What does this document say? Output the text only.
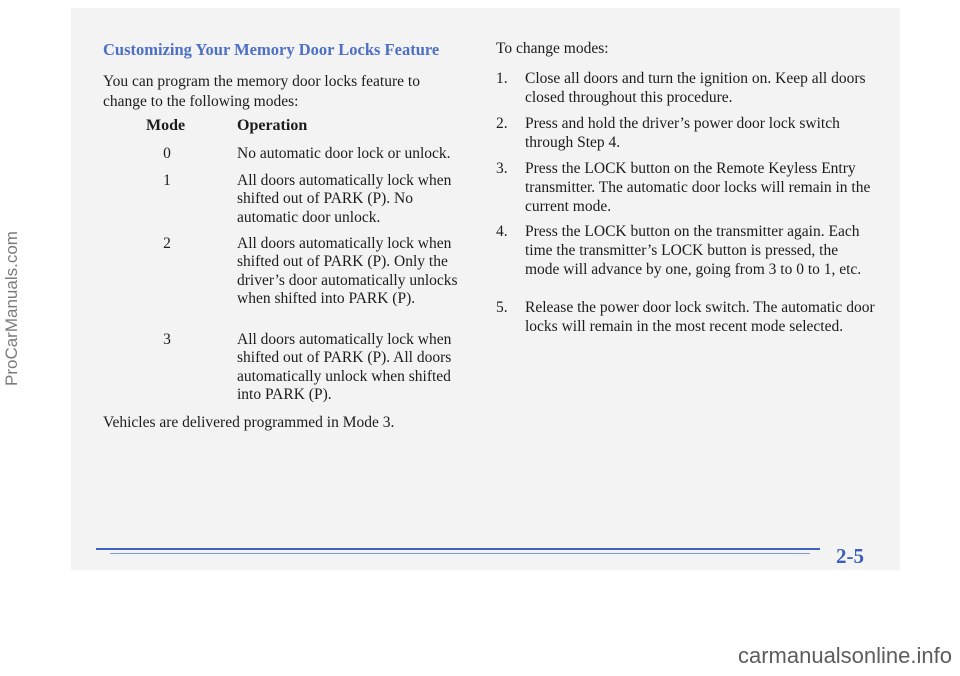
ProCarManuals.com
Customizing Your Memory Door Locks Feature
You can program the memory door locks feature to change to the following modes:
Mode	Operation
0	No automatic door lock or unlock.
1	All doors automatically lock when shifted out of PARK (P). No automatic door unlock.
2	All doors automatically lock when shifted out of PARK (P). Only the driver’s door automatically unlocks when shifted into PARK (P).
3	All doors automatically lock when shifted out of PARK (P). All doors automatically unlock when shifted into PARK (P).
Vehicles are delivered programmed in Mode 3.
To change modes:
1.	Close all doors and turn the ignition on. Keep all doors closed throughout this procedure.
2.	Press and hold the driver’s power door lock switch through Step 4.
3.	Press the LOCK button on the Remote Keyless Entry transmitter. The automatic door locks will remain in the current mode.
4.	Press the LOCK button on the transmitter again. Each time the transmitter’s LOCK button is pressed, the mode will advance by one, going from 3 to 0 to 1, etc.
5.	Release the power door lock switch. The automatic door locks will remain in the most recent mode selected.
2-5
carmanualsonline.info
